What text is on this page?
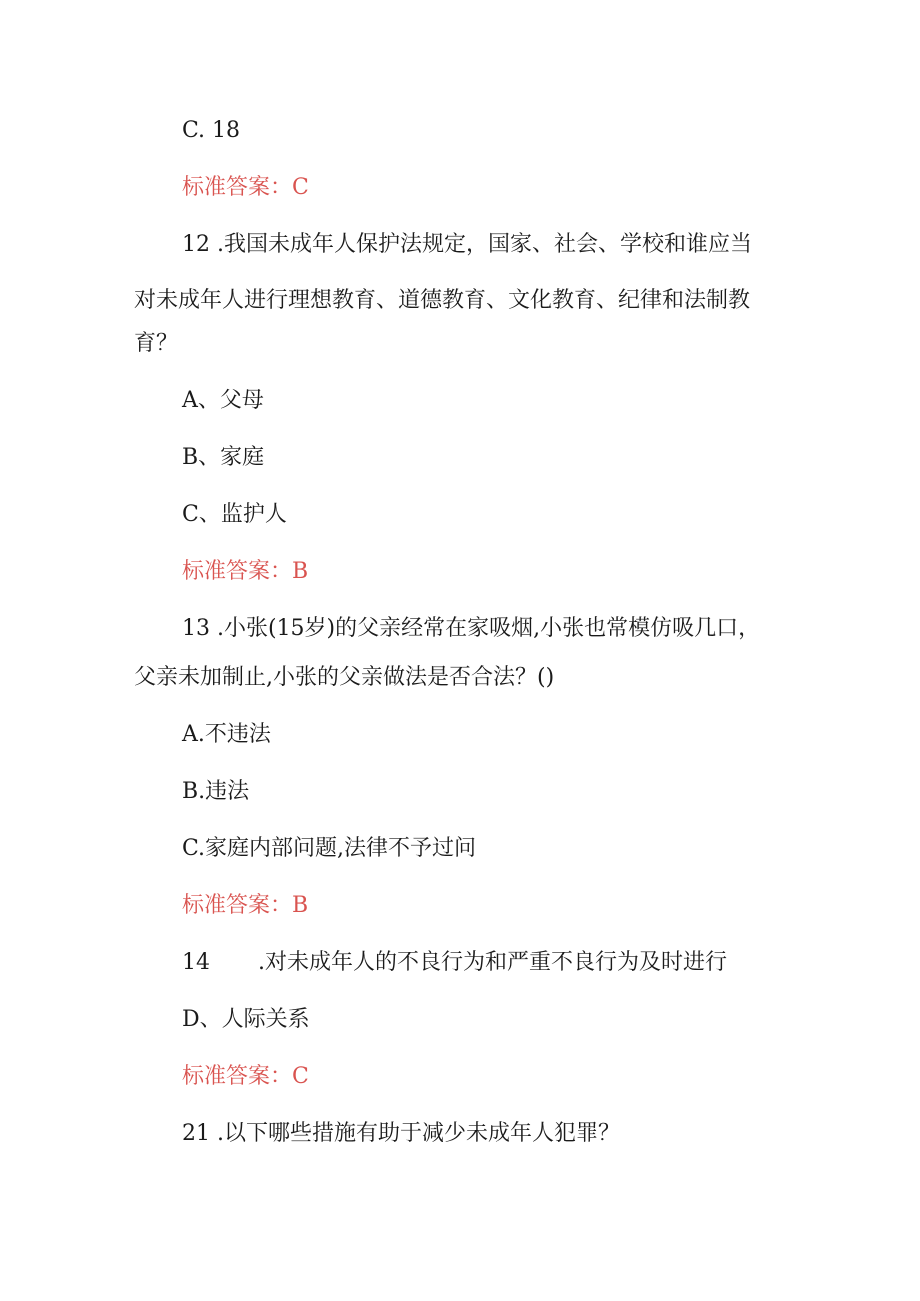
C. 18
标准答案：C
12 .我国未成年人保护法规定，国家、社会、学校和谁应当
对未成年人进行理想教育、道德教育、文化教育、纪律和法制教
育？
A、父母
B、家庭
C、监护人
标准答案：B
13 .小张(15岁)的父亲经常在家吸烟,小张也常模仿吸几口，
父亲未加制止,小张的父亲做法是否合法？()
A.不违法
B.违法
C.家庭内部问题,法律不予过问
标准答案：B
14 .对未成年人的不良行为和严重不良行为及时进行
D、人际关系
标准答案：C
21 .以下哪些措施有助于减少未成年人犯罪？
